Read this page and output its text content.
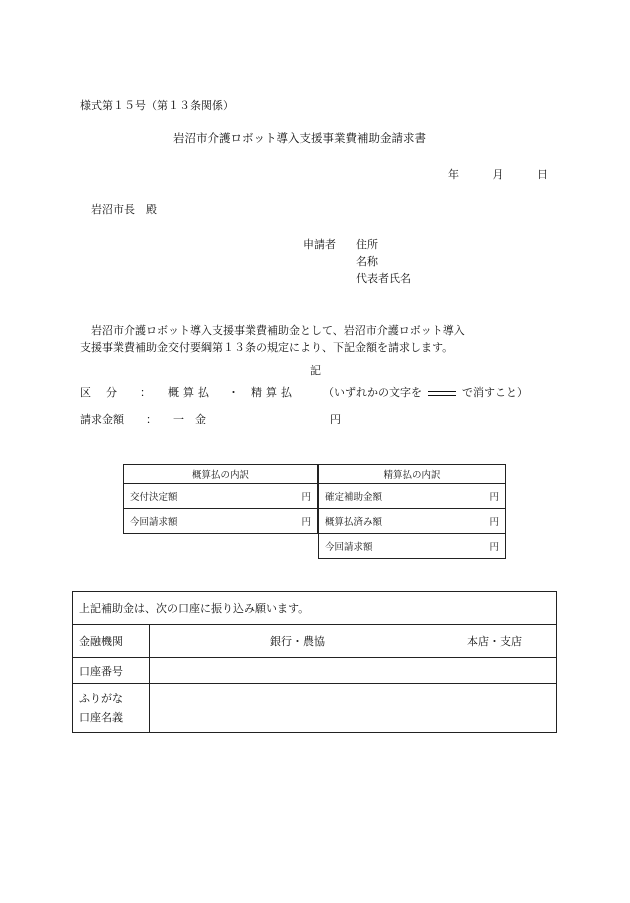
様式第１５号（第１３条関係）
岩沼市介護ロボット導入支援事業費補助金請求書
年	月	日
岩沼市長　殿
申請者 住所
名称
代表者氏名
岩沼市介護ロボット導入支援事業費補助金として、岩沼市介護ロボット導入
支援事業費補助金交付要綱第１３条の規定により、下記金額を請求します。
記
区　分 ： 概算払 ・ 精算払 （いずれかの文字を	で消すこと）
請求金額 ： 一　金	円
概算払の内訳

交付決定額	円

今回請求額	円
精算払の内訳

確定補助金額	円

概算払済み額	円

今回請求額	円
上記補助金は、次の口座に振り込み願います。	
金融機関	銀行・農協 本店・支店

口座番号	

ふりがな
口座名義	
